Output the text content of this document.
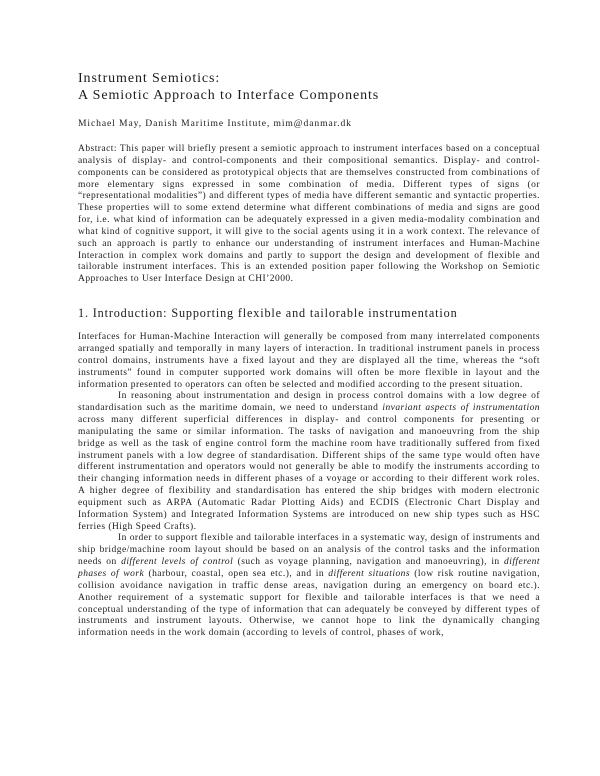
Instrument Semiotics:
A Semiotic Approach to Interface Components
Michael May, Danish Maritime Institute, mim@danmar.dk

Abstract: This paper will briefly present a semiotic approach to instrument interfaces based on a conceptual analysis of display- and control-components and their compositional semantics. Display- and control-components can be considered as prototypical objects that are themselves constructed from combinations of more elementary signs expressed in some combination of media. Different types of signs (or “representational modalities”) and different types of media have different semantic and syntactic properties. These properties will to some extend determine what different combinations of media and signs are good for, i.e. what kind of information can be adequately expressed in a given media-modality combination and what kind of cognitive support, it will give to the social agents using it in a work context. The relevance of such an approach is partly to enhance our understanding of instrument interfaces and Human-Machine Interaction in complex work domains and partly to support the design and development of flexible and tailorable instrument interfaces. This is an extended position paper following the Workshop on Semiotic Approaches to User Interface Design at CHI’2000.

1. Introduction: Supporting flexible and tailorable instrumentation

Interfaces for Human-Machine Interaction will generally be composed from many interrelated components arranged spatially and temporally in many layers of interaction. In traditional instrument panels in process control domains, instruments have a fixed layout and they are displayed all the time, whereas the “soft instruments” found in computer supported work domains will often be more flexible in layout and the information presented to operators can often be selected and modified according to the present situation.

In reasoning about instrumentation and design in process control domains with a low degree of standardisation such as the maritime domain, we need to understand invariant aspects of instrumentation across many different superficial differences in display- and control components for presenting or manipulating the same or similar information. The tasks of navigation and manoeuvring from the ship bridge as well as the task of engine control form the machine room have traditionally suffered from fixed instrument panels with a low degree of standardisation. Different ships of the same type would often have different instrumentation and operators would not generally be able to modify the instruments according to their changing information needs in different phases of a voyage or according to their different work roles. A higher degree of flexibility and standardisation has entered the ship bridges with modern electronic equipment such as ARPA (Automatic Radar Plotting Aids) and ECDIS (Electronic Chart Display and Information System) and Integrated Information Systems are introduced on new ship types such as HSC ferries (High Speed Crafts).

In order to support flexible and tailorable interfaces in a systematic way, design of instruments and ship bridge/machine room layout should be based on an analysis of the control tasks and the information needs on different levels of control (such as voyage planning, navigation and manoeuvring), in different phases of work (harbour, coastal, open sea etc.), and in different situations (low risk routine navigation, collision avoidance navigation in traffic dense areas, navigation during an emergency on board etc.). Another requirement of a systematic support for flexible and tailorable interfaces is that we need a conceptual understanding of the type of information that can adequately be conveyed by different types of instruments and instrument layouts. Otherwise, we cannot hope to link the dynamically changing information needs in the work domain (according to levels of control, phases of work,
